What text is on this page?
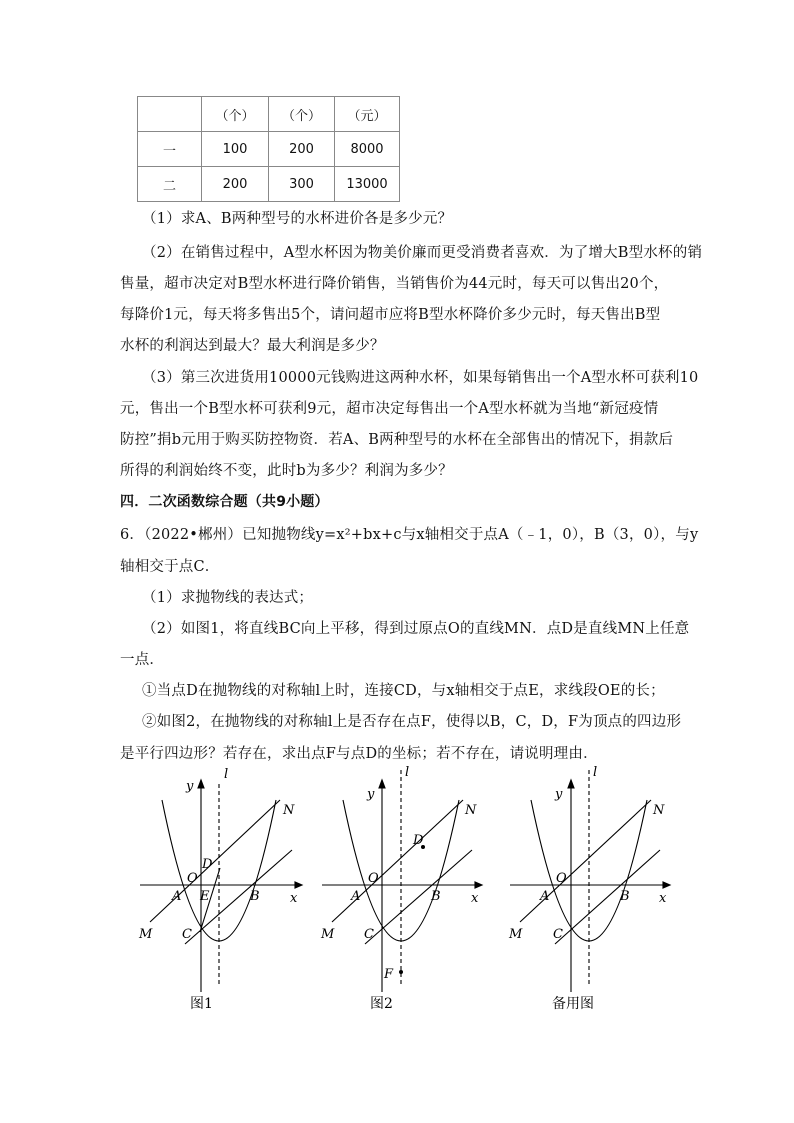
	（个）	（个）	（元）
一	100	200	8000
二	200	300	13000
（1）求A、B两种型号的水杯进价各是多少元？
（2）在销售过程中，A型水杯因为物美价廉而更受消费者喜欢．为了增大B型水杯的销
售量，超市决定对B型水杯进行降价销售，当销售价为44元时，每天可以售出20个，
每降价1元，每天将多售出5个，请问超市应将B型水杯降价多少元时，每天售出B型
水杯的利润达到最大？最大利润是多少？
（3）第三次进货用10000元钱购进这两种水杯，如果每销售出一个A型水杯可获利10
元，售出一个B型水杯可获利9元，超市决定每售出一个A型水杯就为当地“新冠疫情
防控”捐b元用于购买防控物资．若A、B两种型号的水杯在全部售出的情况下，捐款后
所得的利润始终不变，此时b为多少？利润为多少？
四．二次函数综合题（共9小题）
6．（2022•郴州）已知抛物线y=x²+bx+c与x轴相交于点A（﹣1，0），B（3，0），与y
轴相交于点C．
（1）求抛物线的表达式；
（2）如图1，将直线BC向上平移，得到过原点O的直线MN．点D是直线MN上任意
一点．
①当点D在抛物线的对称轴l上时，连接CD，与x轴相交于点E，求线段OE的长；
②如图2，在抛物线的对称轴l上是否存在点F，使得以B，C，D，F为顶点的四边形
是平行四边形？若存在，求出点F与点D的坐标；若不存在，请说明理由．
y
l
N
D
O
A E	B x
M C
图1
y
l
N
D
O
A	B x
M C
F
图2
y
l
N
O
A	B x
M C
备用图
